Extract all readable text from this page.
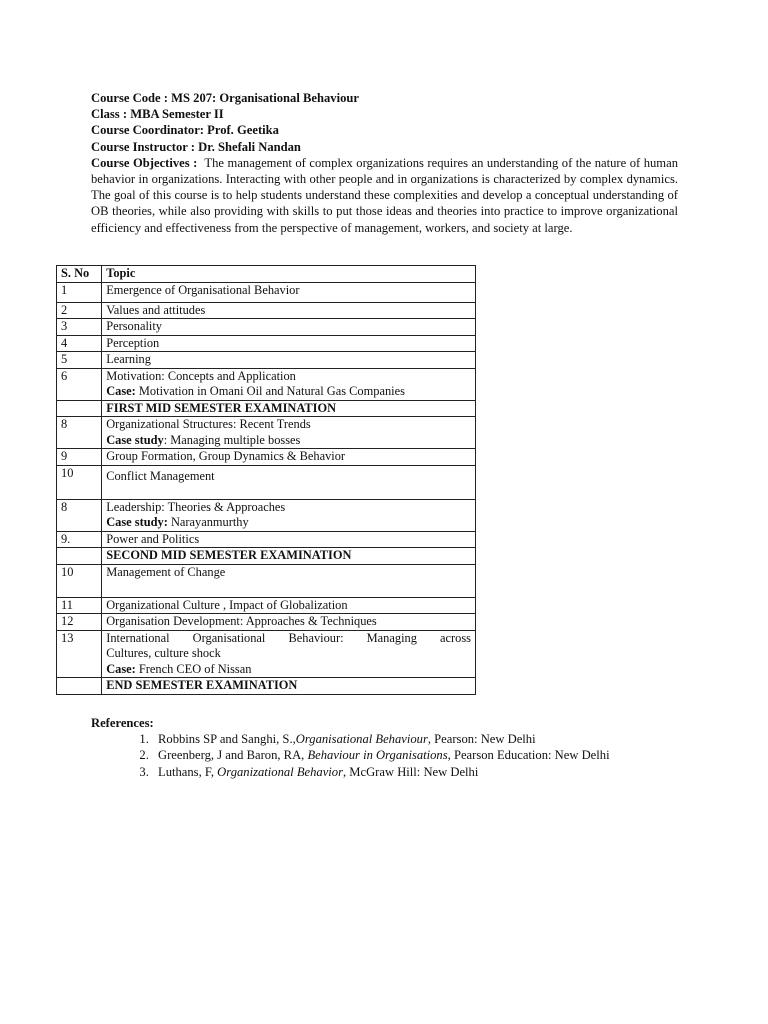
Course Code : MS 207: Organisational Behaviour
Class : MBA Semester II
Course Coordinator: Prof. Geetika
Course Instructor : Dr. Shefali Nandan
Course Objectives : The management of complex organizations requires an understanding of the nature of human behavior in organizations. Interacting with other people and in organizations is characterized by complex dynamics. The goal of this course is to help students understand these complexities and develop a conceptual understanding of OB theories, while also providing with skills to put those ideas and theories into practice to improve organizational efficiency and effectiveness from the perspective of management, workers, and society at large.
S. No	Topic
1	Emergence of Organisational Behavior
2	Values and attitudes
3	Personality
4	Perception
5	Learning
6	Motivation: Concepts and Application
Case: Motivation in Omani Oil and Natural Gas Companies

	FIRST MID SEMESTER EXAMINATION
8	Organizational Structures: Recent Trends
Case study: Managing multiple bosses

9	Group Formation, Group Dynamics & Behavior
10	Conflict Management

8	Leadership: Theories & Approaches
Case study: Narayanmurthy

9.	Power and Politics
	SECOND MID SEMESTER EXAMINATION
10	Management of Change
11	Organizational Culture , Impact of Globalization
12	Organisation Development: Approaches & Techniques
13	International Organisational Behaviour: Managing across
Cultures, culture shock
Case: French CEO of Nissan

	END SEMESTER EXAMINATION
References:
1. Robbins SP and Sanghi, S.,Organisational Behaviour, Pearson: New Delhi
2. Greenberg, J and Baron, RA, Behaviour in Organisations, Pearson Education: New Delhi
3. Luthans, F, Organizational Behavior, McGraw Hill: New Delhi
